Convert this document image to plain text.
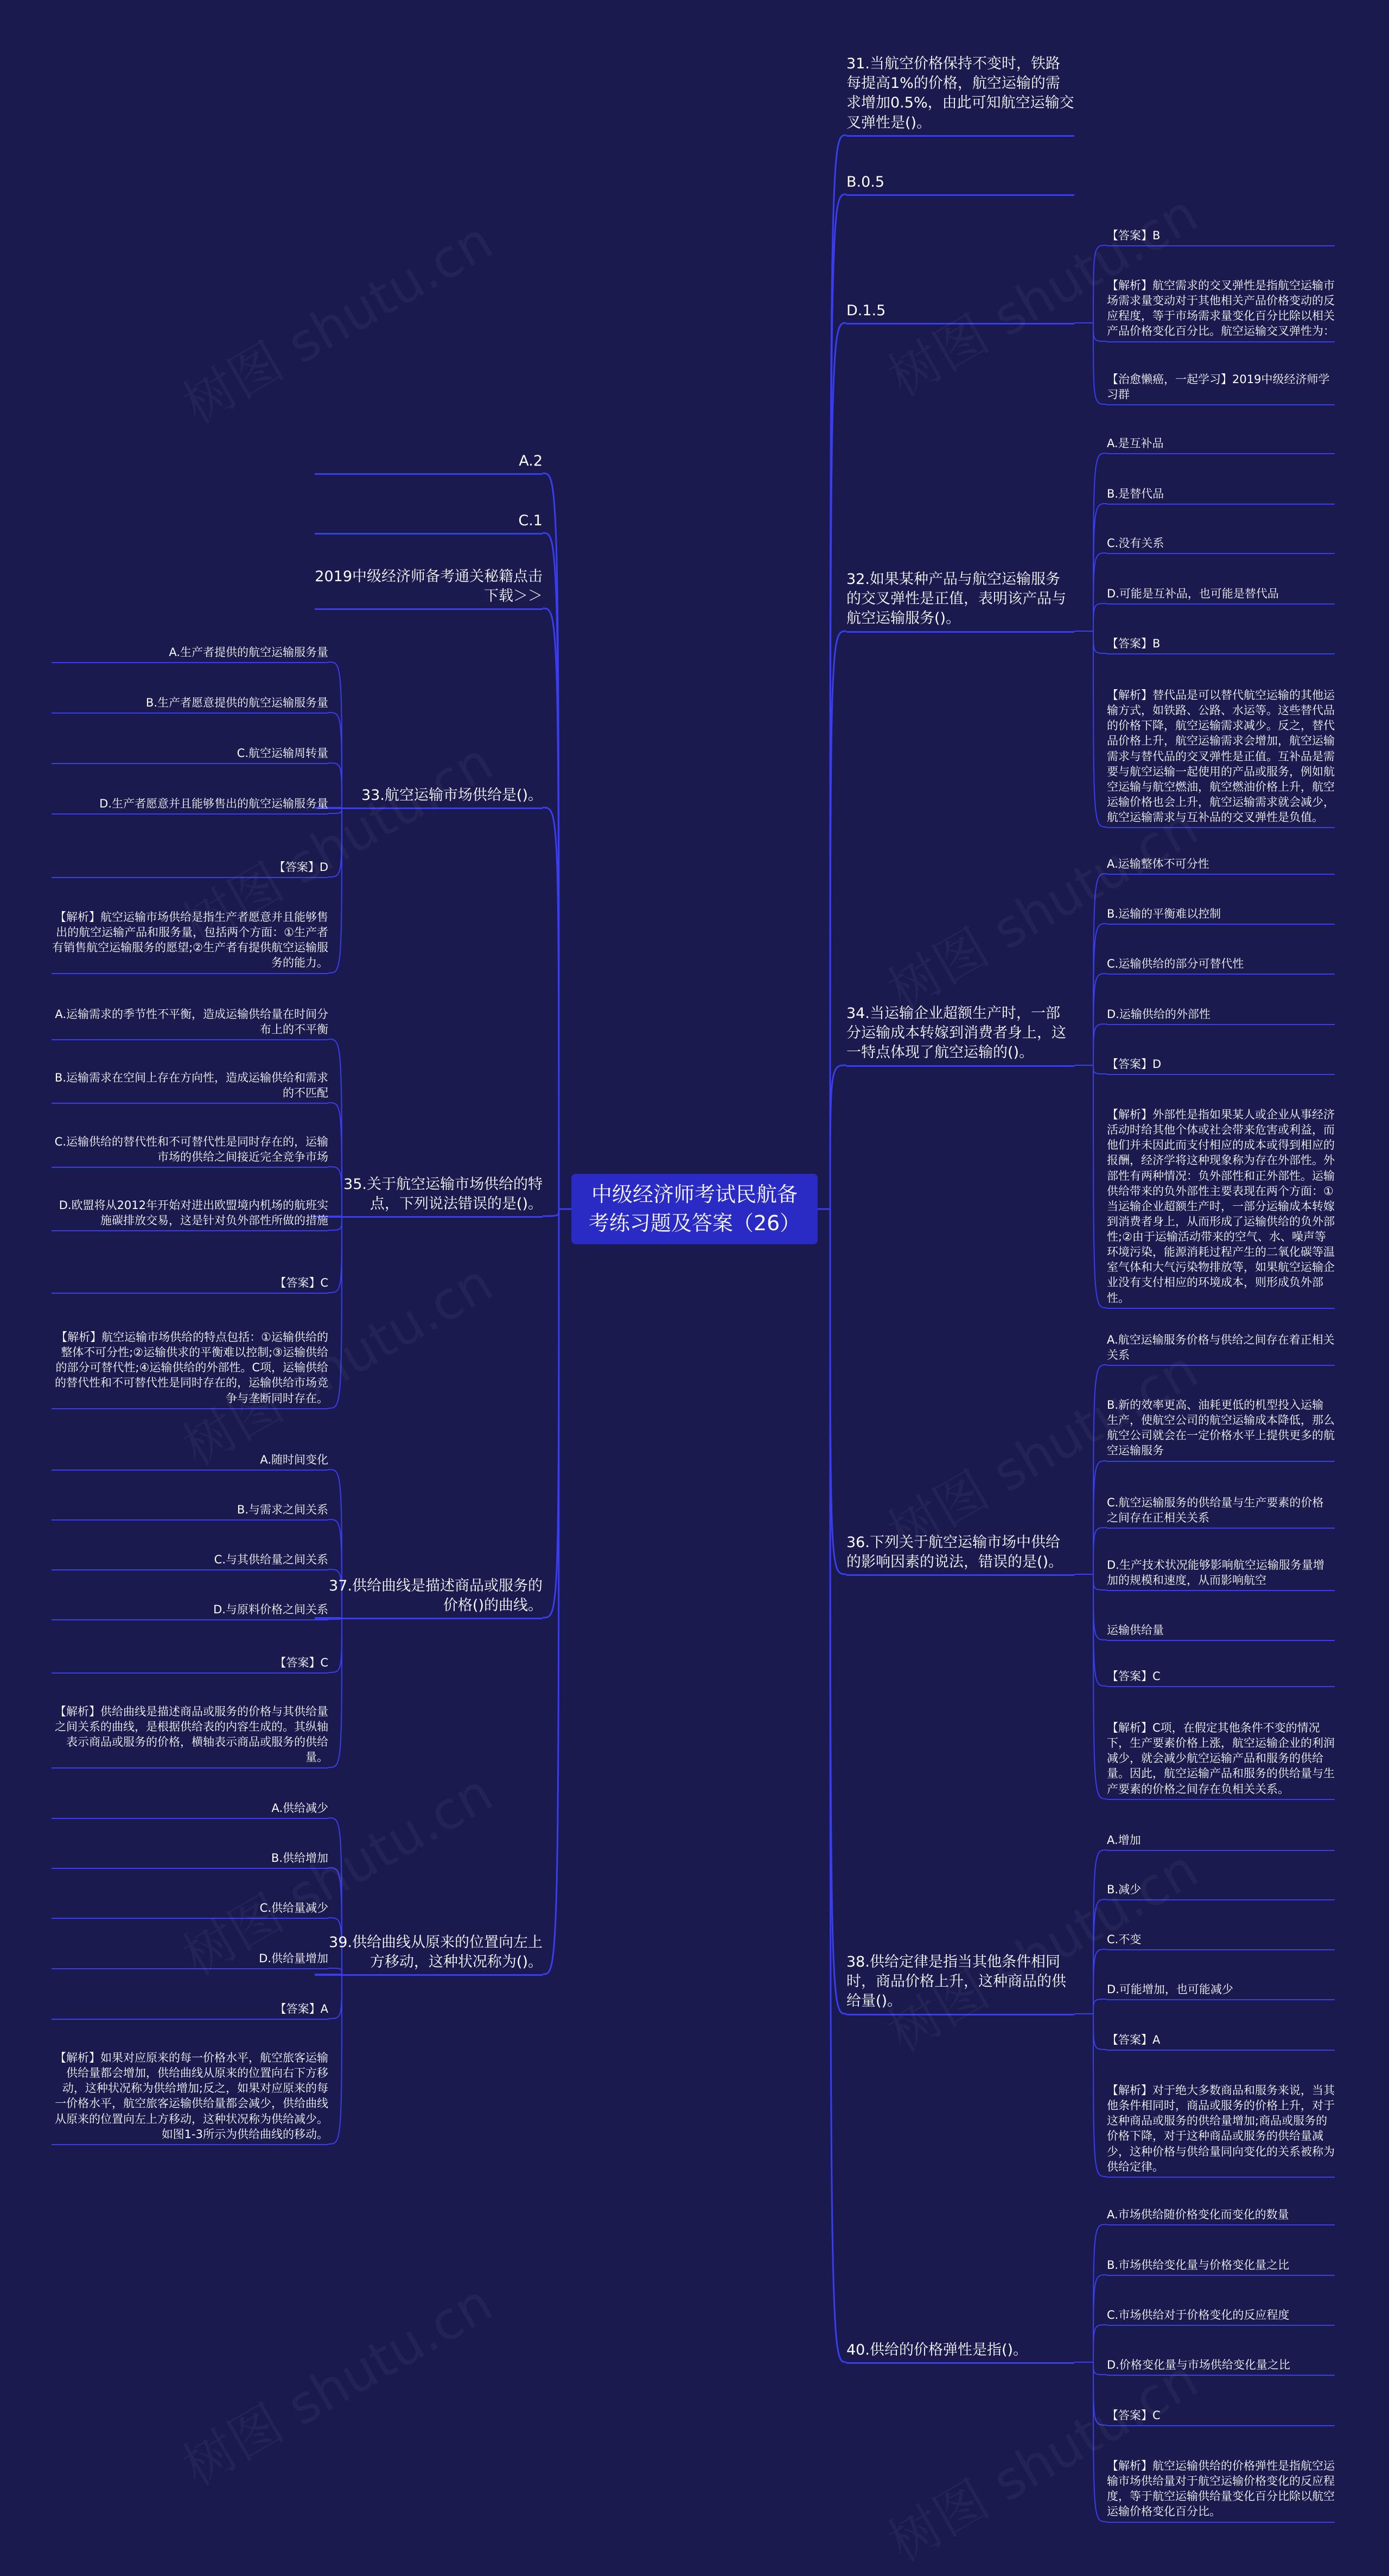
中级经济师考试民航备考练习题及答案（26）
31.当航空价格保持不变时，铁路每提高1%的价格，航空运输的需求增加0.5%，由此可知航空运输交叉弹性是()。
B.0.5
D.1.5
【答案】B
【解析】航空需求的交叉弹性是指航空运输市场需求量变动对于其他相关产品价格变动的反应程度，等于市场需求量变化百分比除以相关产品价格变化百分比。航空运输交叉弹性为：
【治愈懒癌，一起学习】2019中级经济师学习群
32.如果某种产品与航空运输服务的交叉弹性是正值，表明该产品与航空运输服务()。
A.是互补品
B.是替代品
C.没有关系
D.可能是互补品，也可能是替代品
【答案】B
【解析】替代品是可以替代航空运输的其他运输方式，如铁路、公路、水运等。这些替代品的价格下降，航空运输需求减少。反之，替代品价格上升，航空运输需求会增加，航空运输需求与替代品的交叉弹性是正值。互补品是需要与航空运输一起使用的产品或服务，例如航空运输与航空燃油，航空燃油价格上升，航空运输价格也会上升，航空运输需求就会减少，航空运输需求与互补品的交叉弹性是负值。
34.当运输企业超额生产时，一部分运输成本转嫁到消费者身上，这一特点体现了航空运输的()。
A.运输整体不可分性
B.运输的平衡难以控制
C.运输供给的部分可替代性
D.运输供给的外部性
【答案】D
【解析】外部性是指如果某人或企业从事经济活动时给其他个体或社会带来危害或利益，而他们并未因此而支付相应的成本或得到相应的报酬，经济学将这种现象称为存在外部性。外部性有两种情况：负外部性和正外部性。运输供给带来的负外部性主要表现在两个方面：①当运输企业超额生产时，一部分运输成本转嫁到消费者身上，从而形成了运输供给的负外部性;②由于运输活动带来的空气、水、噪声等环境污染，能源消耗过程产生的二氧化碳等温室气体和大气污染物排放等，如果航空运输企业没有支付相应的环境成本，则形成负外部性。
36.下列关于航空运输市场中供给的影响因素的说法，错误的是()。
A.航空运输服务价格与供给之间存在着正相关关系
B.新的效率更高、油耗更低的机型投入运输生产，使航空公司的航空运输成本降低，那么航空公司就会在一定价格水平上提供更多的航空运输服务
C.航空运输服务的供给量与生产要素的价格之间存在正相关关系
D.生产技术状况能够影响航空运输服务量增加的规模和速度，从而影响航空
运输供给量
【答案】C
【解析】C项，在假定其他条件不变的情况下，生产要素价格上涨，航空运输企业的利润减少，就会减少航空运输产品和服务的供给量。因此，航空运输产品和服务的供给量与生产要素的价格之间存在负相关关系。
38.供给定律是指当其他条件相同时，商品价格上升，这种商品的供给量()。
A.增加
B.减少
C.不变
D.可能增加，也可能减少
【答案】A
【解析】对于绝大多数商品和服务来说，当其他条件相同时，商品或服务的价格上升，对于这种商品或服务的供给量增加;商品或服务的价格下降，对于这种商品或服务的供给量减少，这种价格与供给量同向变化的关系被称为供给定律。
40.供给的价格弹性是指()。
A.市场供给随价格变化而变化的数量
B.市场供给变化量与价格变化量之比
C.市场供给对于价格变化的反应程度
D.价格变化量与市场供给变化量之比
【答案】C
【解析】航空运输供给的价格弹性是指航空运输市场供给量对于航空运输价格变化的反应程度，等于航空运输供给量变化百分比除以航空运输价格变化百分比。
A.2
C.1
2019中级经济师备考通关秘籍点击下载＞＞
33.航空运输市场供给是()。
A.生产者提供的航空运输服务量
B.生产者愿意提供的航空运输服务量
C.航空运输周转量
D.生产者愿意并且能够售出的航空运输服务量
【答案】D
【解析】航空运输市场供给是指生产者愿意并且能够售出的航空运输产品和服务量，包括两个方面：①生产者有销售航空运输服务的愿望;②生产者有提供航空运输服务的能力。
35.关于航空运输市场供给的特点，下列说法错误的是()。
A.运输需求的季节性不平衡，造成运输供给量在时间分布上的不平衡
B.运输需求在空间上存在方向性，造成运输供给和需求的不匹配
C.运输供给的替代性和不可替代性是同时存在的，运输市场的供给之间接近完全竞争市场
D.欧盟将从2012年开始对进出欧盟境内机场的航班实施碳排放交易，这是针对负外部性所做的措施
【答案】C
【解析】航空运输市场供给的特点包括：①运输供给的整体不可分性;②运输供求的平衡难以控制;③运输供给的部分可替代性;④运输供给的外部性。C项，运输供给的替代性和不可替代性是同时存在的，运输供给市场竞争与垄断同时存在。
37.供给曲线是描述商品或服务的价格()的曲线。
A.随时间变化
B.与需求之间关系
C.与其供给量之间关系
D.与原料价格之间关系
【答案】C
【解析】供给曲线是描述商品或服务的价格与其供给量之间关系的曲线，是根据供给表的内容生成的。其纵轴表示商品或服务的价格，横轴表示商品或服务的供给量。
39.供给曲线从原来的位置向左上方移动，这种状况称为()。
A.供给减少
B.供给增加
C.供给量减少
D.供给量增加
【答案】A
【解析】如果对应原来的每一价格水平，航空旅客运输供给量都会增加，供给曲线从原来的位置向右下方移动，这种状况称为供给增加;反之，如果对应原来的每一价格水平，航空旅客运输供给量都会减少，供给曲线从原来的位置向左上方移动，这种状况称为供给减少。如图1-3所示为供给曲线的移动。
